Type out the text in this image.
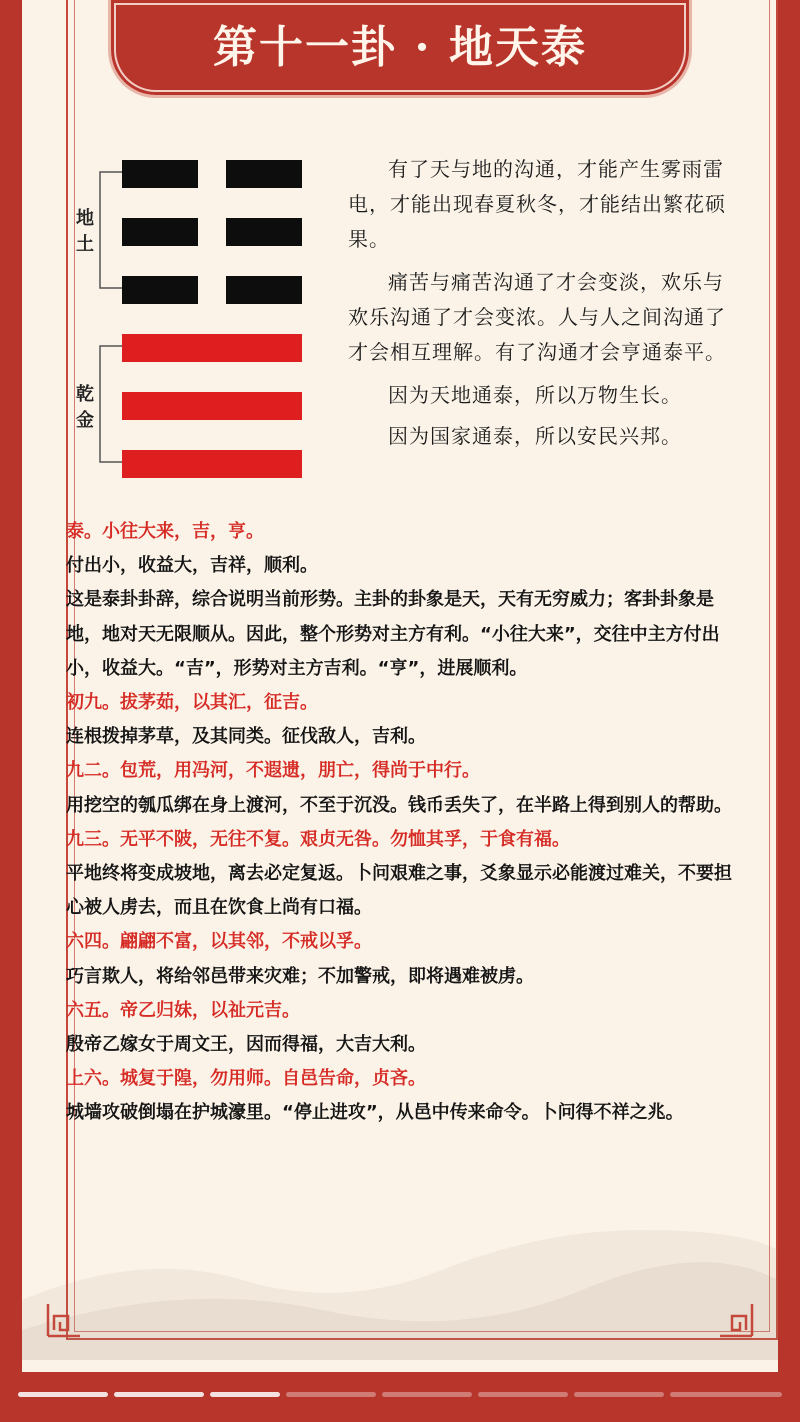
第十一卦 · 地天泰
地
土
乾
金

有了天与地的沟通，才能产生雾雨雷电，才能出现春夏秋冬，才能结出繁花硕果。

痛苦与痛苦沟通了才会变淡，欢乐与欢乐沟通了才会变浓。人与人之间沟通了才会相互理解。有了沟通才会亨通泰平。

因为天地通泰，所以万物生长。

因为国家通泰，所以安民兴邦。

泰。小往大来，吉，亨。
付出小，收益大，吉祥，顺利。
这是泰卦卦辞，综合说明当前形势。主卦的卦象是天，天有无穷威力；客卦卦象是地，地对天无限顺从。因此，整个形势对主方有利。“小往大来”，交往中主方付出小，收益大。“吉”，形势对主方吉利。“亨”，进展顺利。
初九。拔茅茹，以其汇，征吉。
连根拨掉茅草，及其同类。征伐敌人，吉利。
九二。包荒，用冯河，不遐遗，朋亡，得尚于中行。
用挖空的瓠瓜绑在身上渡河，不至于沉没。钱币丢失了，在半路上得到别人的帮助。
九三。无平不陂，无往不复。艰贞无咎。勿恤其孚，于食有福。
平地终将变成坡地，离去必定复返。卜问艰难之事，爻象显示必能渡过难关，不要担心被人虏去，而且在饮食上尚有口福。
六四。翩翩不富，以其邻，不戒以孚。
巧言欺人，将给邻邑带来灾难；不加警戒，即将遇难被虏。
六五。帝乙归妹，以祉元吉。
殷帝乙嫁女于周文王，因而得福，大吉大利。
上六。城复于隍，勿用师。自邑告命，贞吝。
城墙攻破倒塌在护城濠里。“停止进攻”，从邑中传来命令。卜问得不祥之兆。
